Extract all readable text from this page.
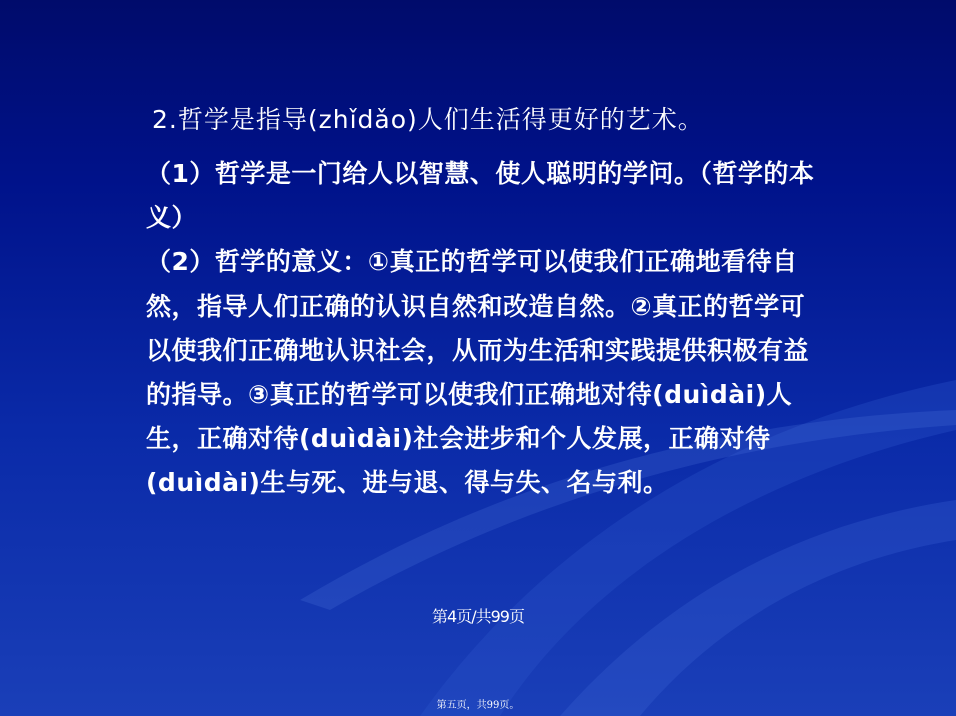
2.哲学是指导(zhǐdǎo)人们生活得更好的艺术。

（1）哲学是一门给人以智慧、使人聪明的学问。（哲学的本义）

（2）哲学的意义：①真正的哲学可以使我们正确地看待自然，指导人们正确的认识自然和改造自然。②真正的哲学可以使我们正确地认识社会，从而为生活和实践提供积极有益的指导。③真正的哲学可以使我们正确地对待(duìdài)人生，正确对待(duìdài)社会进步和个人发展，正确对待(duìdài)生与死、进与退、得与失、名与利。

第4页/共99页
第五页，共99页。
